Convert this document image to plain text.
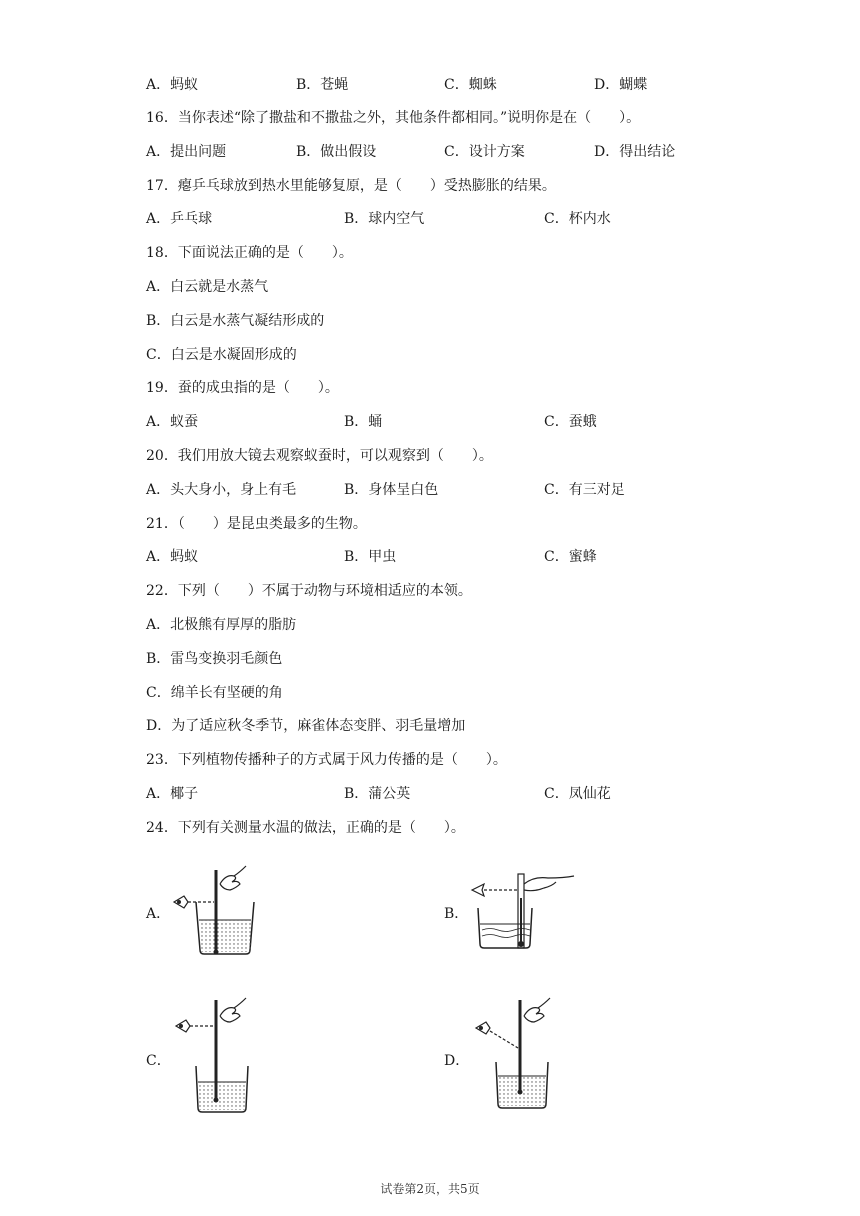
A．蚂蚁	B．苍蝇	C．蜘蛛	D．蝴蝶
16．当你表述“除了撒盐和不撒盐之外，其他条件都相同。”说明你是在（　　）。
A．提出问题	B．做出假设	C．设计方案	D．得出结论
17．瘪乒乓球放到热水里能够复原，是（　　）受热膨胀的结果。
A．乒乓球	B．球内空气	C．杯内水
18．下面说法正确的是（　　）。
A．白云就是水蒸气
B．白云是水蒸气凝结形成的
C．白云是水凝固形成的
19．蚕的成虫指的是（　　）。
A．蚁蚕	B．蛹	C．蚕蛾
20．我们用放大镜去观察蚁蚕时，可以观察到（　　）。
A．头大身小，身上有毛	B．身体呈白色	C．有三对足
21．（　　）是昆虫类最多的生物。
A．蚂蚁	B．甲虫	C．蜜蜂
22．下列（　　）不属于动物与环境相适应的本领。
A．北极熊有厚厚的脂肪
B．雷鸟变换羽毛颜色
C．绵羊长有坚硬的角
D．为了适应秋冬季节，麻雀体态变胖、羽毛量增加
23．下列植物传播种子的方式属于风力传播的是（　　）。
A．椰子	B．蒲公英	C．凤仙花
24．下列有关测量水温的做法，正确的是（　　）。
A．	B．
C．	D．
试卷第2页，共5页
